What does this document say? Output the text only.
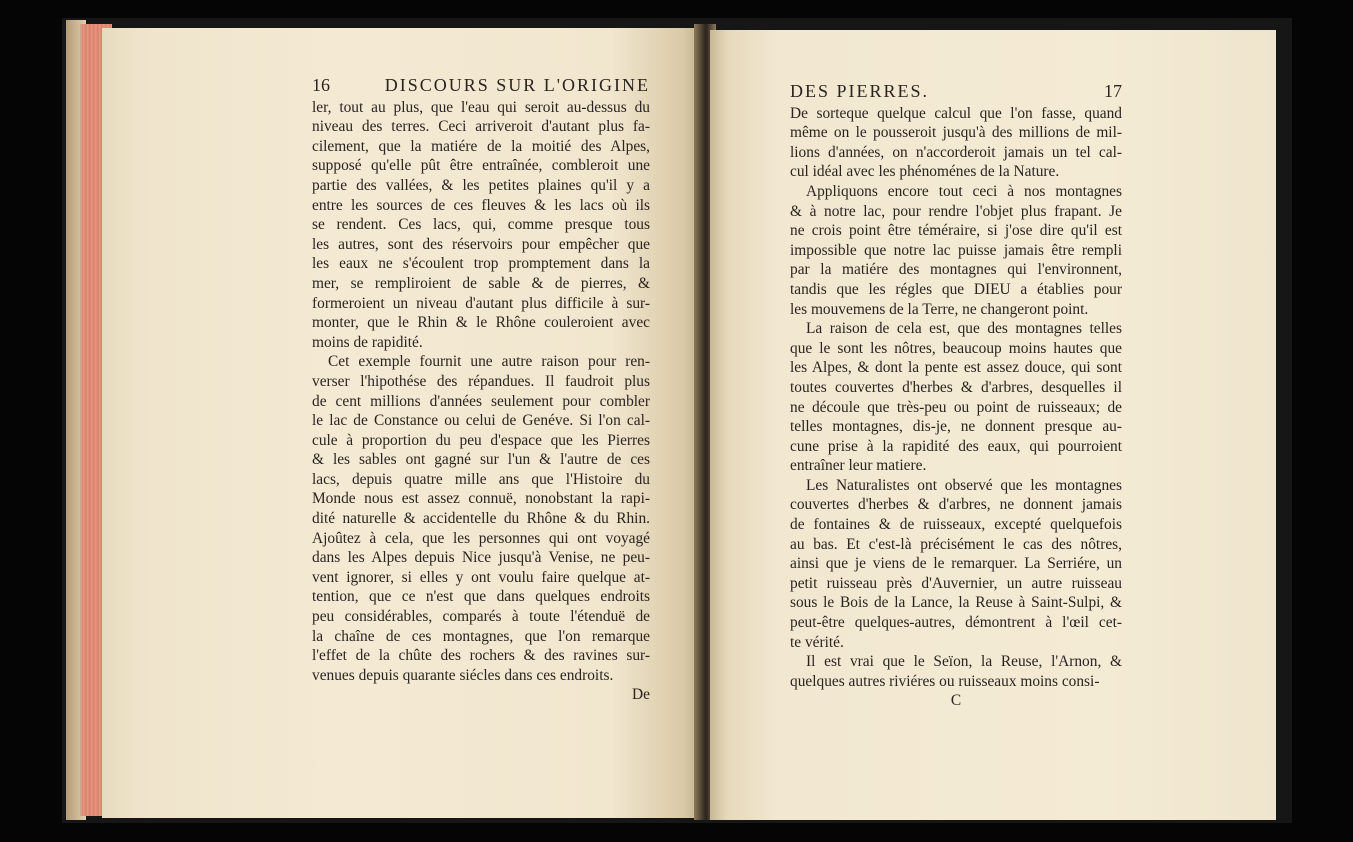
16	DISCOURS SUR L'ORIGINE
ler, tout au plus, que l'eau qui seroit au-dessus du
niveau des terres. Ceci arriveroit d'autant plus fa-
cilement, que la matiére de la moitié des Alpes,
supposé qu'elle pût être entraînée, combleroit une
partie des vallées, & les petites plaines qu'il y a
entre les sources de ces fleuves & les lacs où ils
se rendent. Ces lacs, qui, comme presque tous
les autres, sont des réservoirs pour empêcher que
les eaux ne s'écoulent trop promptement dans la
mer, se rempliroient de sable & de pierres, &
formeroient un niveau d'autant plus difficile à sur-
monter, que le Rhin & le Rhône couleroient avec
moins de rapidité.
Cet exemple fournit une autre raison pour ren-
verser l'hipothése des répandues. Il faudroit plus
de cent millions d'années seulement pour combler
le lac de Constance ou celui de Genéve. Si l'on cal-
cule à proportion du peu d'espace que les Pierres
& les sables ont gagné sur l'un & l'autre de ces
lacs, depuis quatre mille ans que l'Histoire du
Monde nous est assez connuë, nonobstant la rapi-
dité naturelle & accidentelle du Rhône & du Rhin.
Ajoûtez à cela, que les personnes qui ont voyagé
dans les Alpes depuis Nice jusqu'à Venise, ne peu-
vent ignorer, si elles y ont voulu faire quelque at-
tention, que ce n'est que dans quelques endroits
peu considérables, comparés à toute l'étenduë de
la chaîne de ces montagnes, que l'on remarque
l'effet de la chûte des rochers & des ravines sur-
venues depuis quarante siécles dans ces endroits.
De
DES PIERRES.	17
De sorteque quelque calcul que l'on fasse, quand
même on le pousseroit jusqu'à des millions de mil-
lions d'années, on n'accorderoit jamais un tel cal-
cul idéal avec les phénoménes de la Nature.
Appliquons encore tout ceci à nos montagnes
& à notre lac, pour rendre l'objet plus frapant. Je
ne crois point être téméraire, si j'ose dire qu'il est
impossible que notre lac puisse jamais être rempli
par la matiére des montagnes qui l'environnent,
tandis que les régles que DIEU a établies pour
les mouvemens de la Terre, ne changeront point.
La raison de cela est, que des montagnes telles
que le sont les nôtres, beaucoup moins hautes que
les Alpes, & dont la pente est assez douce, qui sont
toutes couvertes d'herbes & d'arbres, desquelles il
ne découle que très-peu ou point de ruisseaux; de
telles montagnes, dis-je, ne donnent presque au-
cune prise à la rapidité des eaux, qui pourroient
entraîner leur matiere.
Les Naturalistes ont observé que les montagnes
couvertes d'herbes & d'arbres, ne donnent jamais
de fontaines & de ruisseaux, excepté quelquefois
au bas. Et c'est-là précisément le cas des nôtres,
ainsi que je viens de le remarquer. La Serriére, un
petit ruisseau près d'Auvernier, un autre ruisseau
sous le Bois de la Lance, la Reuse à Saint-Sulpi, &
peut-être quelques-autres, démontrent à l'œil cet-
te vérité.
Il est vrai que le Seïon, la Reuse, l'Arnon, &
quelques autres riviéres ou ruisseaux moins consi-
C
